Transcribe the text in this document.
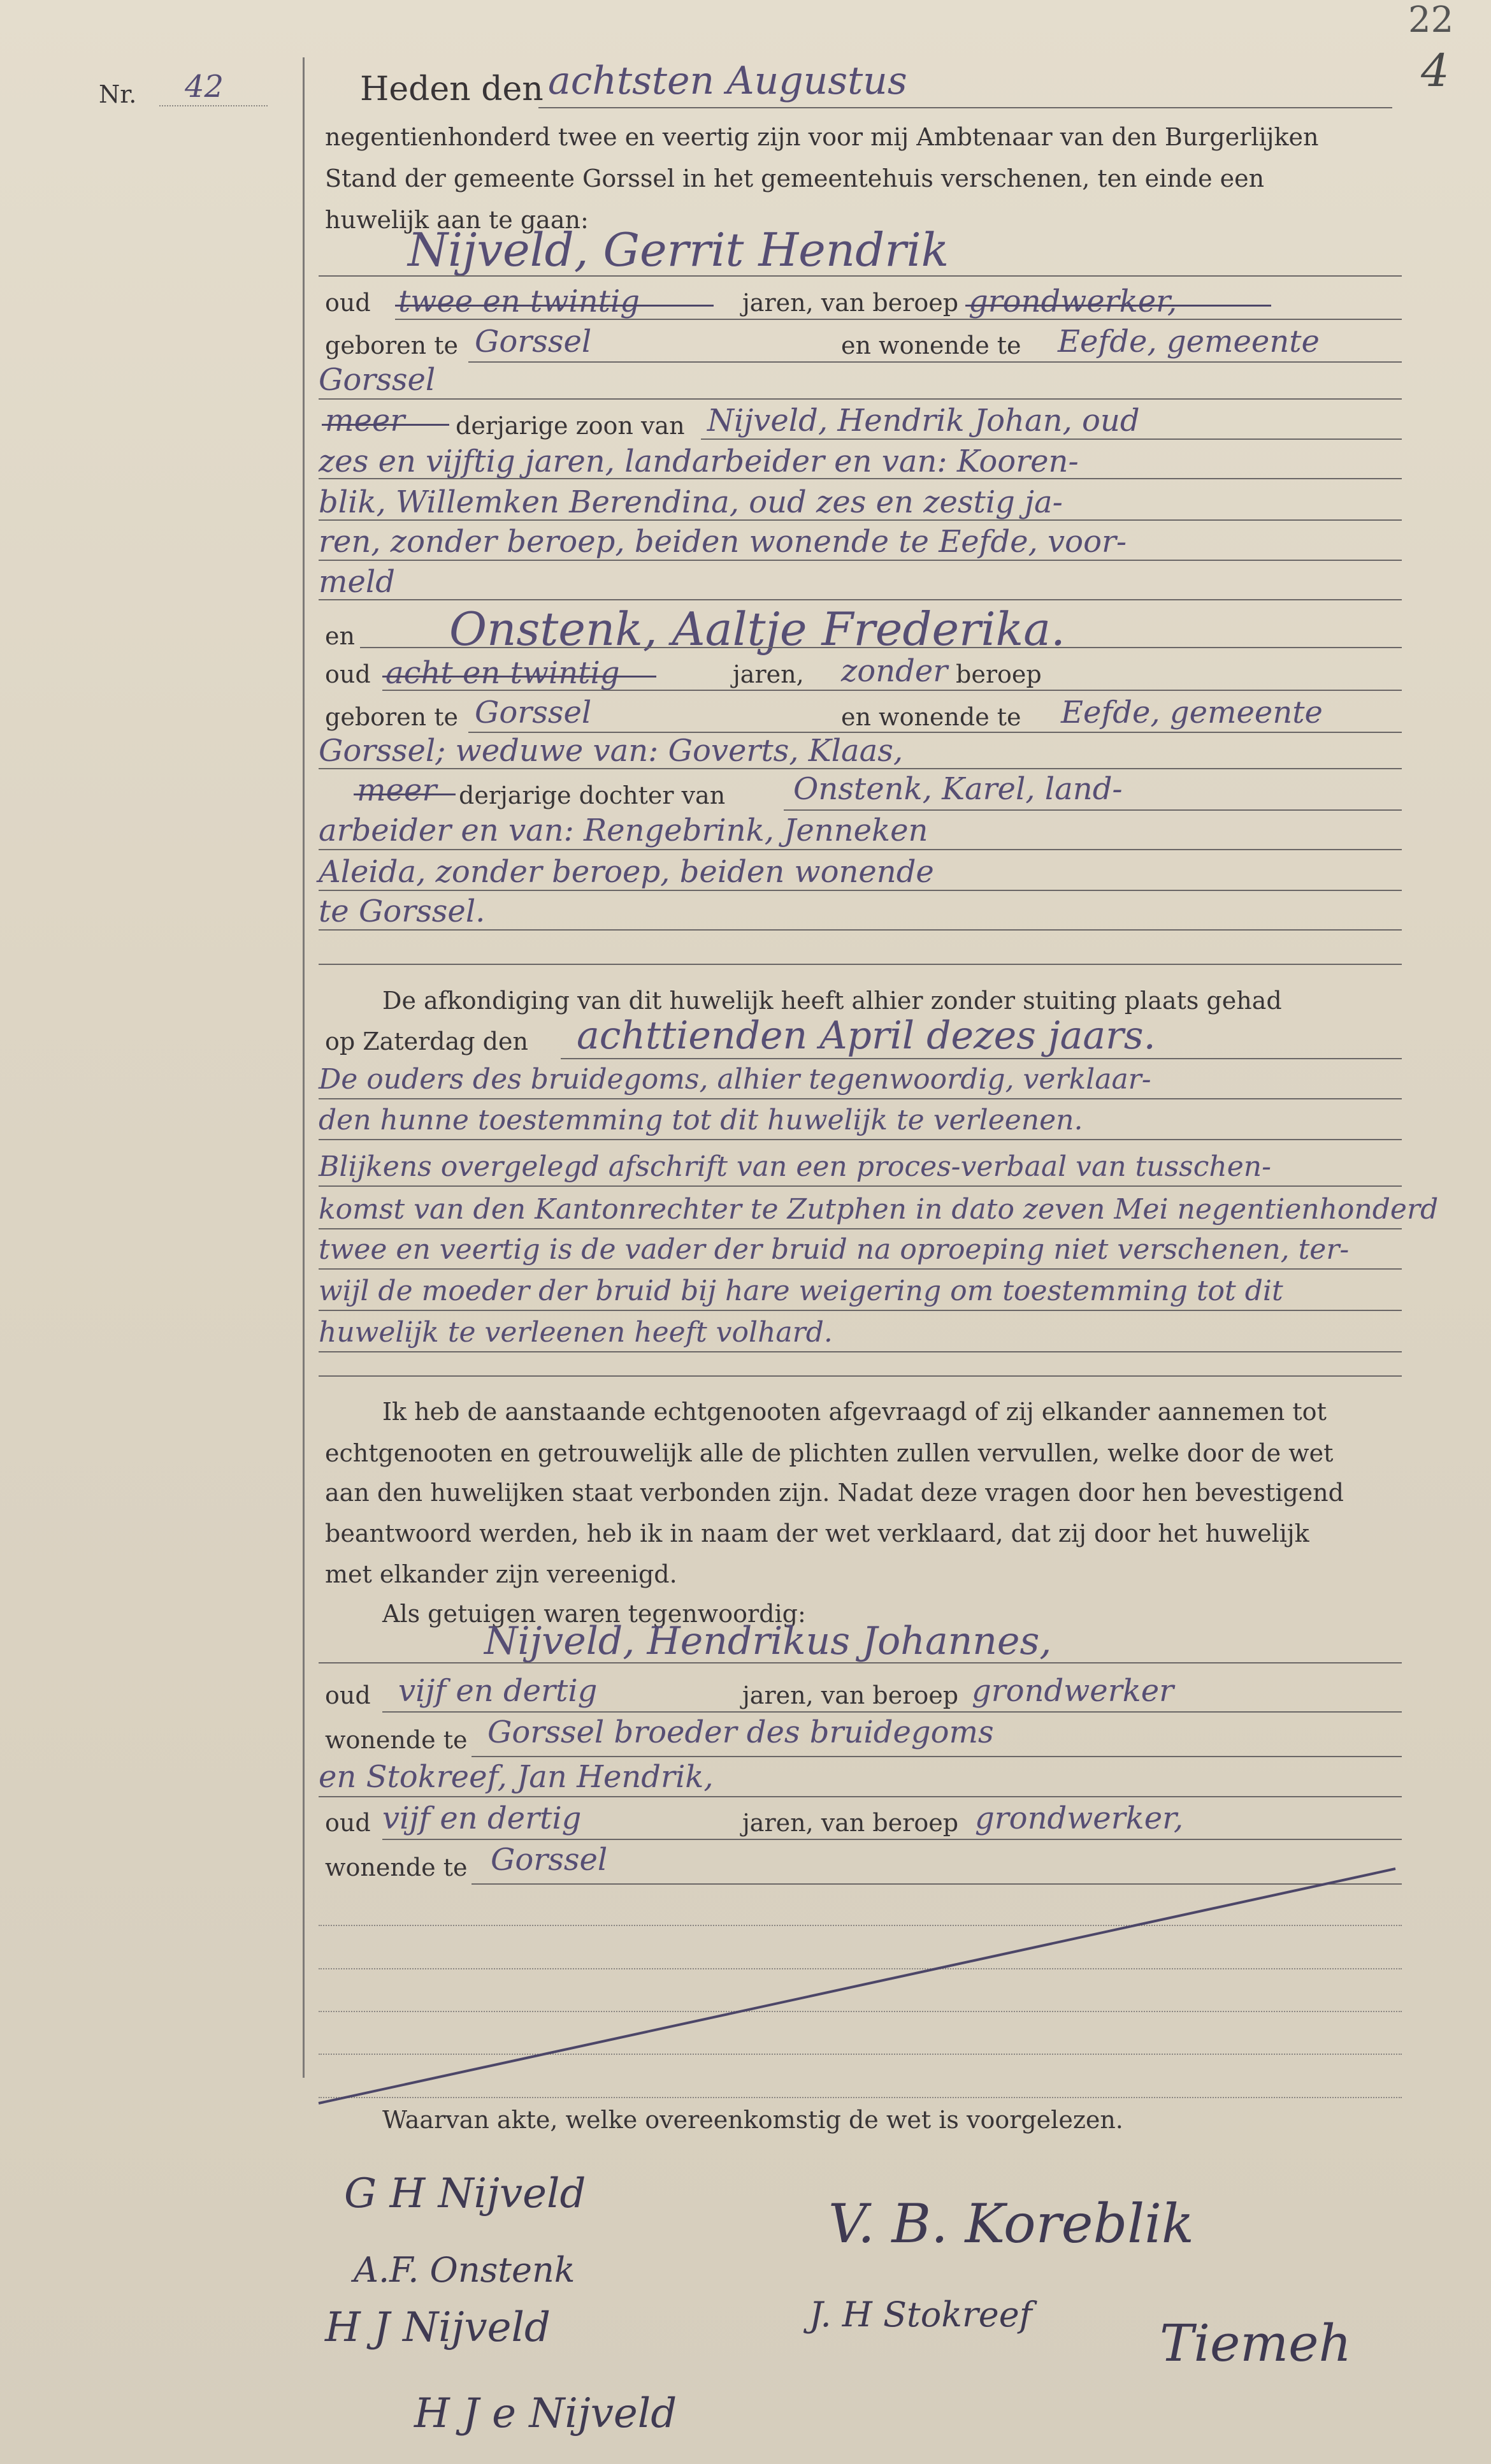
22
4
Nr. 42	Heden den achtsten Augustus
negentienhonderd twee en veertig zijn voor mij Ambtenaar van den Burgerlijken
Stand der gemeente Gorssel in het gemeentehuis verschenen, ten einde een
huwelijk aan te gaan:
Nijveld, Gerrit Hendrik
oud twee en twintig	jaren, van beroep grondwerker,
geboren te Gorssel	en wonende te Eefde, gemeente
Gorssel
meer derjarige zoon van Nijveld, Hendrik Johan, oud
zes en vijftig jaren, landarbeider en van: Kooren-
blik, Willemken Berendina, oud zes en zestig ja-
ren, zonder beroep, beiden wonende te Eefde, voor-
meld
en Onstenk, Aaltje Frederika.
oud acht en twintig	jaren, zonder beroep
geboren te Gorssel	en wonende te Eefde, gemeente
Gorssel; weduwe van: Goverts, Klaas,
meer derjarige dochter van Onstenk, Karel, land-
arbeider en van: Rengebrink, Jenneken
Aleida, zonder beroep, beiden wonende
te Gorssel.
De afkondiging van dit huwelijk heeft alhier zonder stuiting plaats gehad
op Zaterdag den achttienden April dezes jaars.
De ouders des bruidegoms, alhier tegenwoordig, verklaar-
den hunne toestemming tot dit huwelijk te verleenen.
Blijkens overgelegd afschrift van een proces-verbaal van tusschen-
komst van den Kantonrechter te Zutphen in dato zeven Mei negentienhonderd
twee en veertig is de vader der bruid na oproeping niet verschenen, ter-
wijl de moeder der bruid bij hare weigering om toestemming tot dit
huwelijk te verleenen heeft volhard.
Ik heb de aanstaande echtgenooten afgevraagd of zij elkander aannemen tot
echtgenooten en getrouwelijk alle de plichten zullen vervullen, welke door de wet
aan den huwelijken staat verbonden zijn. Nadat deze vragen door hen bevestigend
beantwoord werden, heb ik in naam der wet verklaard, dat zij door het huwelijk
met elkander zijn vereenigd.
Als getuigen waren tegenwoordig:
Nijveld, Hendrikus Johannes,
oud vijf en dertig	jaren, van beroep grondwerker
wonende te Gorssel broeder des bruidegoms
en Stokreef, Jan Hendrik,
oud vijf en dertig	jaren, van beroep grondwerker,
wonende te Gorssel
Waarvan akte, welke overeenkomstig de wet is voorgelezen.
G H Nijveld
A.F. Onstenk
H J Nijveld
H J e Nijveld
V. B. Koreblik
J. H Stokreef	Tiemeh
